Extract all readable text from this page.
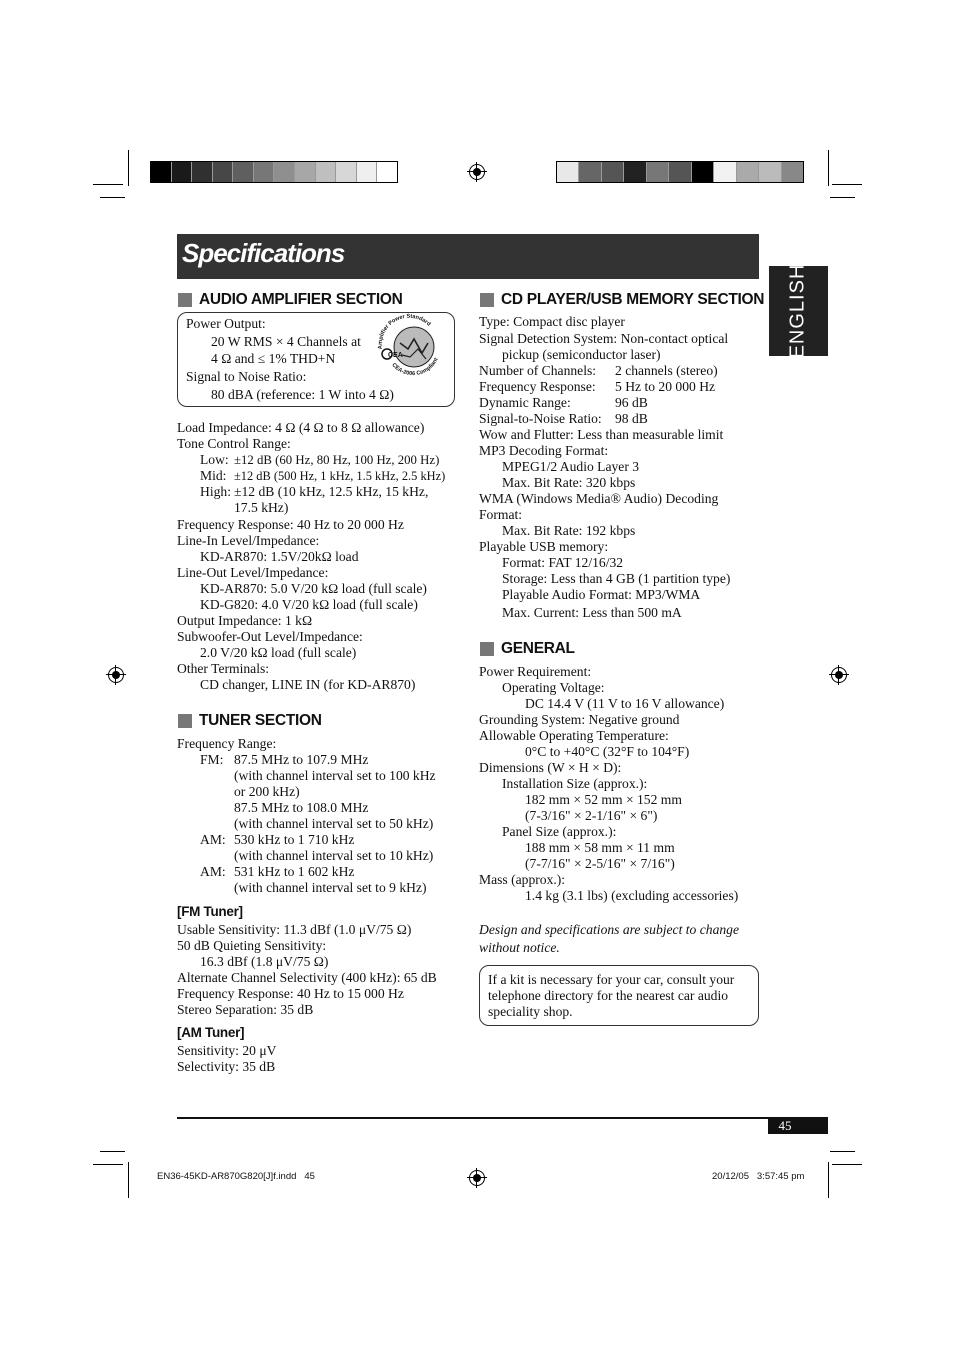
Specifications
ENGLISH
AUDIO AMPLIFIER SECTION
Power Output:
20 W RMS × 4 Channels at
4 Ω and ≤ 1% THD+N
Signal to Noise Ratio:
80 dBA (reference: 1 W into 4 Ω)
Amplifier Power Standard
CEA-2006 Compliant
CEA
Load Impedance: 4 Ω (4 Ω to 8 Ω allowance)
Tone Control Range:
Low: ±12 dB (60 Hz, 80 Hz, 100 Hz, 200 Hz)
Mid: ±12 dB (500 Hz, 1 kHz, 1.5 kHz, 2.5 kHz)
High: ±12 dB (10 kHz, 12.5 kHz, 15 kHz,
17.5 kHz)
Frequency Response: 40 Hz to 20 000 Hz
Line-In Level/Impedance:
KD-AR870: 1.5V/20kΩ load
Line-Out Level/Impedance:
KD-AR870: 5.0 V/20 kΩ load (full scale)
KD-G820: 4.0 V/20 kΩ load (full scale)
Output Impedance: 1 kΩ
Subwoofer-Out Level/Impedance:
2.0 V/20 kΩ load (full scale)
Other Terminals:
CD changer, LINE IN (for KD-AR870)
TUNER SECTION
Frequency Range:
FM: 87.5 MHz to 107.9 MHz
(with channel interval set to 100 kHz
or 200 kHz)
87.5 MHz to 108.0 MHz
(with channel interval set to 50 kHz)
AM: 530 kHz to 1 710 kHz
(with channel interval set to 10 kHz)
AM: 531 kHz to 1 602 kHz
(with channel interval set to 9 kHz)
[FM Tuner]
Usable Sensitivity: 11.3 dBf (1.0 μV/75 Ω)
50 dB Quieting Sensitivity:
16.3 dBf (1.8 μV/75 Ω)
Alternate Channel Selectivity (400 kHz): 65 dB
Frequency Response: 40 Hz to 15 000 Hz
Stereo Separation: 35 dB
[AM Tuner]
Sensitivity: 20 μV
Selectivity: 35 dB
CD PLAYER/USB MEMORY SECTION
Type: Compact disc player
Signal Detection System: Non-contact optical
pickup (semiconductor laser)
Number of Channels: 2 channels (stereo)
Frequency Response: 5 Hz to 20 000 Hz
Dynamic Range:	96 dB
Signal-to-Noise Ratio: 98 dB
Wow and Flutter: Less than measurable limit
MP3 Decoding Format:
MPEG1/2 Audio Layer 3
Max. Bit Rate: 320 kbps
WMA (Windows Media® Audio) Decoding
Format:
Max. Bit Rate: 192 kbps
Playable USB memory:
Format: FAT 12/16/32
Storage: Less than 4 GB (1 partition type)
Playable Audio Format: MP3/WMA
Max. Current: Less than 500 mA
GENERAL
Power Requirement:
Operating Voltage:
DC 14.4 V (11 V to 16 V allowance)
Grounding System: Negative ground
Allowable Operating Temperature:
0°C to +40°C (32°F to 104°F)
Dimensions (W × H × D):
Installation Size (approx.):
182 mm × 52 mm × 152 mm
(7-3/16" × 2-1/16" × 6")
Panel Size (approx.):
188 mm × 58 mm × 11 mm
(7-7/16" × 2-5/16" × 7/16")
Mass (approx.):
1.4 kg (3.1 lbs) (excluding accessories)
Design and specifications are subject to change
without notice.
If a kit is necessary for your car, consult your
telephone directory for the nearest car audio
speciality shop.
45
EN36-45KD-AR870G820[J]f.indd   45	20/12/05   3:57:45 pm
